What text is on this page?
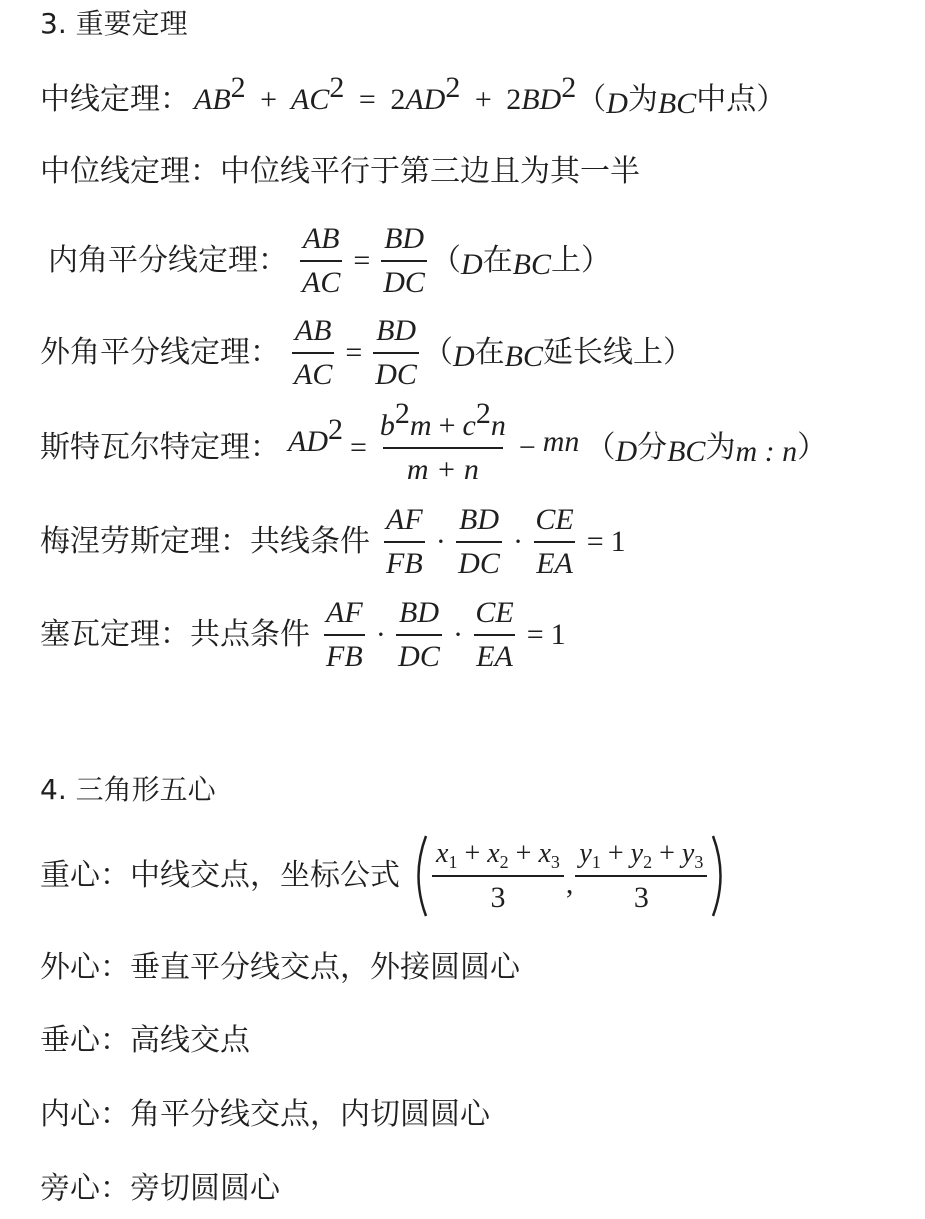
3. 重要定理
中线定理： $AB^2 + AC^2 = 2AD^2 + 2BD^2$ （D为BC中点）
中位线定理：中位线平行于第三边且为其一半
内角平分线定理： $\frac{AB}{AC} = \frac{BD}{DC} (D$在BC上）
外角平分线定理： $\frac{AB}{AC} = \frac{BD}{DC} (D$在BC延长线上）
斯特瓦尔特定理： $AD^2$
= $\frac{b^2m + c^2n}{m + n}$ − mn （D分BC为m : n）
梅涅劳斯定理：共线条件 $\frac{AF}{FB} \cdot \frac{BD}{DC} \cdot \frac{CE}{EA} = 1$
塞瓦定理：共点条件 $\frac{AF}{FB} \cdot \frac{BD}{DC} \cdot \frac{CE}{EA} = 1$
4. 三角形五心
重心：中线交点，坐标公式 $\frac{x_1 + x_2 + x_3}{3}$ , $\frac{y_1 + y_2 + y_3}{3}$
外心：垂直平分线交点，外接圆圆心
垂心：高线交点
内心：角平分线交点，内切圆圆心
旁心：旁切圆圆心
